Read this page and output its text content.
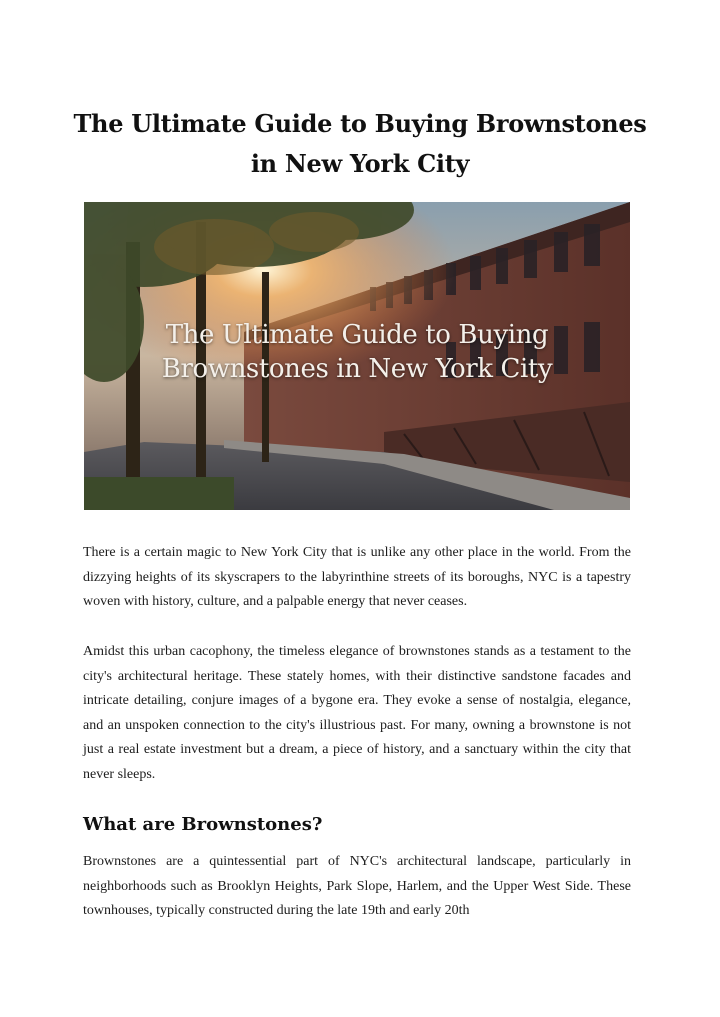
The Ultimate Guide to Buying Brownstones
in New York City
The Ultimate Guide to Buying
Brownstones in New York City

There is a certain magic to New York City that is unlike any other place in the world. From the dizzying heights of its skyscrapers to the labyrinthine streets of its boroughs, NYC is a tapestry woven with history, culture, and a palpable energy that never ceases.

Amidst this urban cacophony, the timeless elegance of brownstones stands as a testament to the city's architectural heritage. These stately homes, with their distinctive sandstone facades and intricate detailing, conjure images of a bygone era. They evoke a sense of nostalgia, elegance, and an unspoken connection to the city's illustrious past. For many, owning a brownstone is not just a real estate investment but a dream, a piece of history, and a sanctuary within the city that never sleeps.

What are Brownstones?

Brownstones are a quintessential part of NYC's architectural landscape, particularly in neighborhoods such as Brooklyn Heights, Park Slope, Harlem, and the Upper West Side. These townhouses, typically constructed during the late 19th and early 20th
